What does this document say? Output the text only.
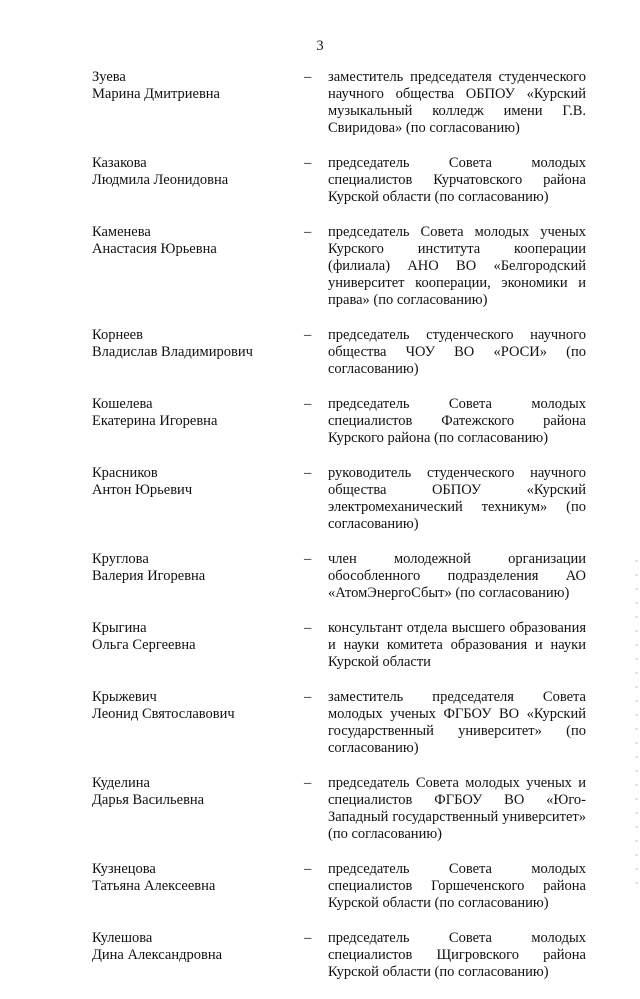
3
Зуева
Марина Дмитриевна
–	заместитель председателя студенческого научного общества ОБПОУ «Курский музыкальный колледж имени Г.В. Свиридова» (по согласованию)
Казакова
Людмила Леонидовна
–	председатель Совета молодых специалистов Курчатовского района Курской области (по согласованию)
Каменева
Анастасия Юрьевна
–	председатель Совета молодых ученых Курского института кооперации (филиала) АНО ВО «Белгородский университет кооперации, экономики и права» (по согласованию)
Корнеев
Владислав Владимирович
–	председатель студенческого научного общества ЧОУ ВО «РОСИ» (по согласованию)
Кошелева
Екатерина Игоревна
–	председатель Совета молодых специалистов Фатежского района Курского района (по согласованию)
Красников
Антон Юрьевич
–	руководитель студенческого научного общества ОБПОУ «Курский электромеханический техникум» (по согласованию)
Круглова
Валерия Игоревна
–	член молодежной организации обособленного подразделения АО «АтомЭнергоСбыт» (по согласованию)
Крыгина
Ольга Сергеевна
–	консультант отдела высшего образования и науки комитета образования и науки Курской области
Крыжевич
Леонид Святославович
–	заместитель председателя Совета молодых ученых ФГБОУ ВО «Курский государственный университет» (по согласованию)
Куделина
Дарья Васильевна
–	председатель Совета молодых ученых и специалистов ФГБОУ ВО «Юго-Западный государственный университет» (по согласованию)
Кузнецова
Татьяна Алексеевна
–	председатель Совета молодых специалистов Горшеченского района Курской области (по согласованию)
Кулешова
Дина Александровна
–	председатель Совета молодых специалистов Щигровского района Курской области (по согласованию)
